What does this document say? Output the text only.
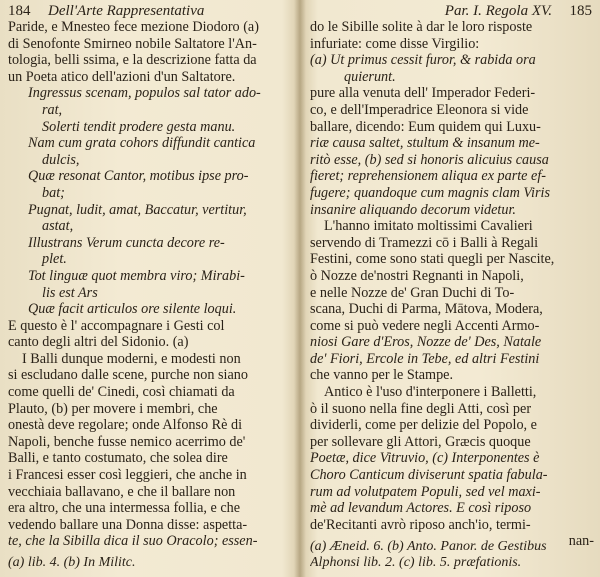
184 Dell'Arte Rappresentativa
Paride, e Mnesteo fece mezione Diodoro (a)
di Senofonte Smirneo nobile Saltatore l'An-
tologia, belli ssima, e la descrizione fatta da
un Poeta atico dell'azioni d'un Saltatore.
Ingressus scenam, populos sal tator ado-
rat,
Solerti tendit prodere gesta manu.
Nam cum grata cohors diffundit cantica
dulcis,
Quæ resonat Cantor, motibus ipse pro-
bat;
Pugnat, ludit, amat, Baccatur, vertitur,
astat,
Illustrans Verum cuncta decore re-
plet.
Tot linguæ quot membra viro; Mirabi-
lis est Ars
Quæ facit articulos ore silente loqui.
E questo è l' accompagnare i Gesti col
canto degli altri del Sidonio. (a)
I Balli dunque moderni, e modesti non
si escludano dalle scene, purche non siano
come quelli de' Cinedi, così chiamati da
Plauto, (b) per movere i membri, che
onestà deve regolare; onde Alfonso Rè di
Napoli, benche fusse nemico acerrimo de'
Balli, e tanto costumato, che solea dire
i Francesi esser così leggieri, che anche in
vecchiaia ballavano, e che il ballare non
era altro, che una intermessa follia, e che
vedendo ballare una Donna disse: aspetta-
te, che la Sibilla dica il suo Oracolo; essen-
(a) lib. 4. (b) In Militc.
Par. I. Regola XV. 185
do le Sibille solite à dar le loro risposte
infuriate: come disse Virgilio:
(a) Ut primus cessit furor, & rabida ora
quierunt.
pure alla venuta dell' Imperador Federi-
co, e dell'Imperadrice Eleonora si vide
ballare, dicendo: Eum quidem qui Luxu-
riæ causa saltet, stultum & insanum me-
ritò esse, (b) sed si honoris alicuius causa
fieret; reprehensionem aliqua ex parte ef-
fugere; quandoque cum magnis clam Viris
insanire aliquando decorum videtur.
L'hanno imitato moltissimi Cavalieri
servendo di Tramezzi cō i Balli à Regali
Festini, come sono stati quegli per Nascite,
ò Nozze de'nostri Regnanti in Napoli,
e nelle Nozze de' Gran Duchi di To-
scana, Duchi di Parma, Mātova, Modera,
come si può vedere negli Accenti Armo-
niosi Gare d'Eros, Nozze de' Des, Natale
de' Fiori, Ercole in Tebe, ed altri Festini
che vanno per le Stampe.
Antico è l'uso d'interponere i Balletti,
ò il suono nella fine degli Atti, così per
dividerli, come per delizie del Popolo, e
per sollevare gli Attori, Græcis quoque
Poetæ, dice Vitruvio, (c) Interponentes è
Choro Canticum diviserunt spatia fabula-
rum ad volutpatem Populi, sed vel maxi-
mè ad levandum Actores. E così riposo
de'Recitanti avrò riposo anch'io, termi-
nan-
(a) Æneid. 6. (b) Anto. Panor. de Gestibus
Alphonsi lib. 2. (c) lib. 5. præfationis.
